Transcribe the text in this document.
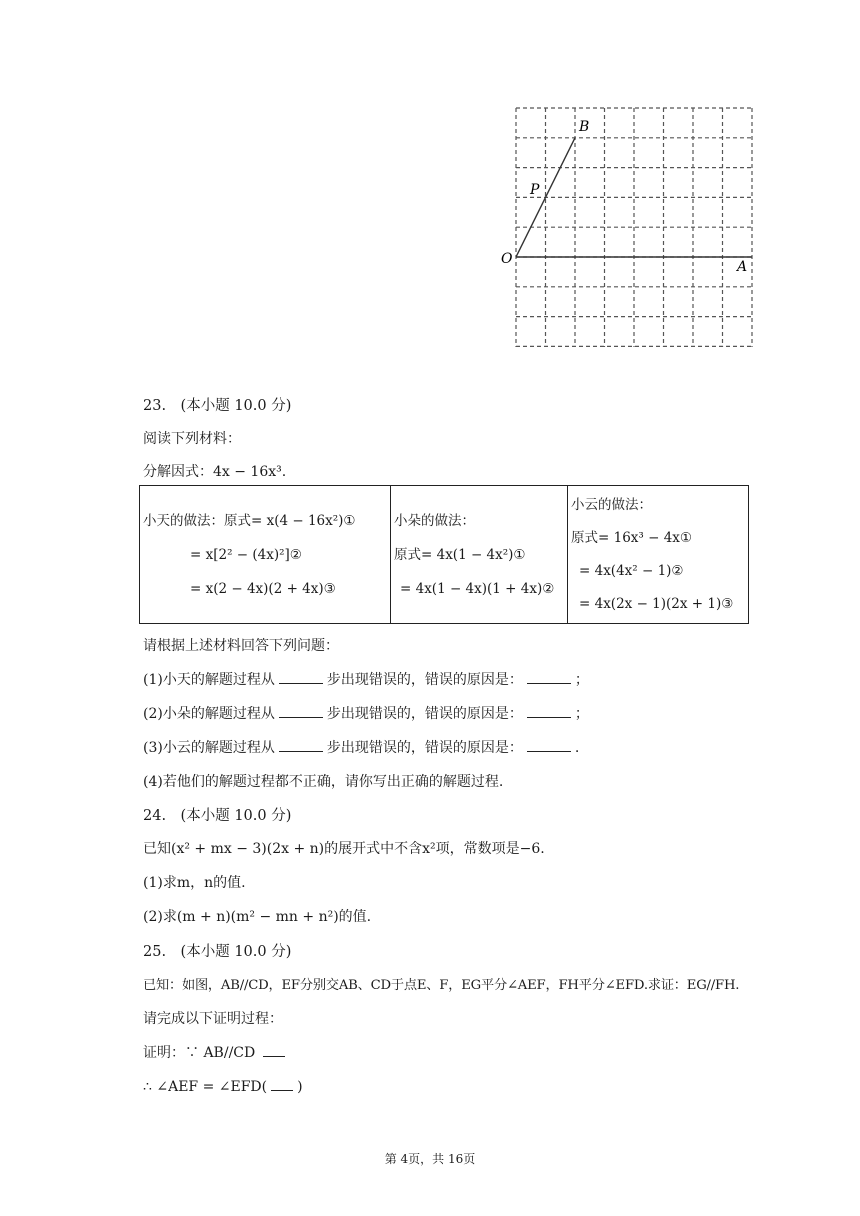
B
P
O	A
23.　(本小题 10.0 分)
阅读下列材料：
分解因式：4x − 16x³.
小天的做法：原式= x(4 − 16x²)①
= x[2² − (4x)²]②
= x(2 − 4x)(2 + 4x)③

小朵的做法：
原式= 4x(1 − 4x²)①
= 4x(1 − 4x)(1 + 4x)②

小云的做法：
原式= 16x³ − 4x①
= 4x(4x² − 1)②
= 4x(2x − 1)(2x + 1)③
请根据上述材料回答下列问题：
(1)小天的解题过程从	步出现错误的，错误的原因是：	；
(2)小朵的解题过程从	步出现错误的，错误的原因是：	；
(3)小云的解题过程从	步出现错误的，错误的原因是：	.
(4)若他们的解题过程都不正确，请你写出正确的解题过程.
24.　(本小题 10.0 分)
已知(x² + mx − 3)(2x + n)的展开式中不含x²项，常数项是−6.
(1)求m，n的值.
(2)求(m + n)(m² − mn + n²)的值.
25.　(本小题 10.0 分)
已知：如图，AB//CD，EF分别交AB、CD于点E、F，EG平分∠AEF，FH平分∠EFD.求证：EG//FH.
请完成以下证明过程：
证明：∵ AB//CD
∴ ∠AEF = ∠EFD( )
第 4页，共 16页
